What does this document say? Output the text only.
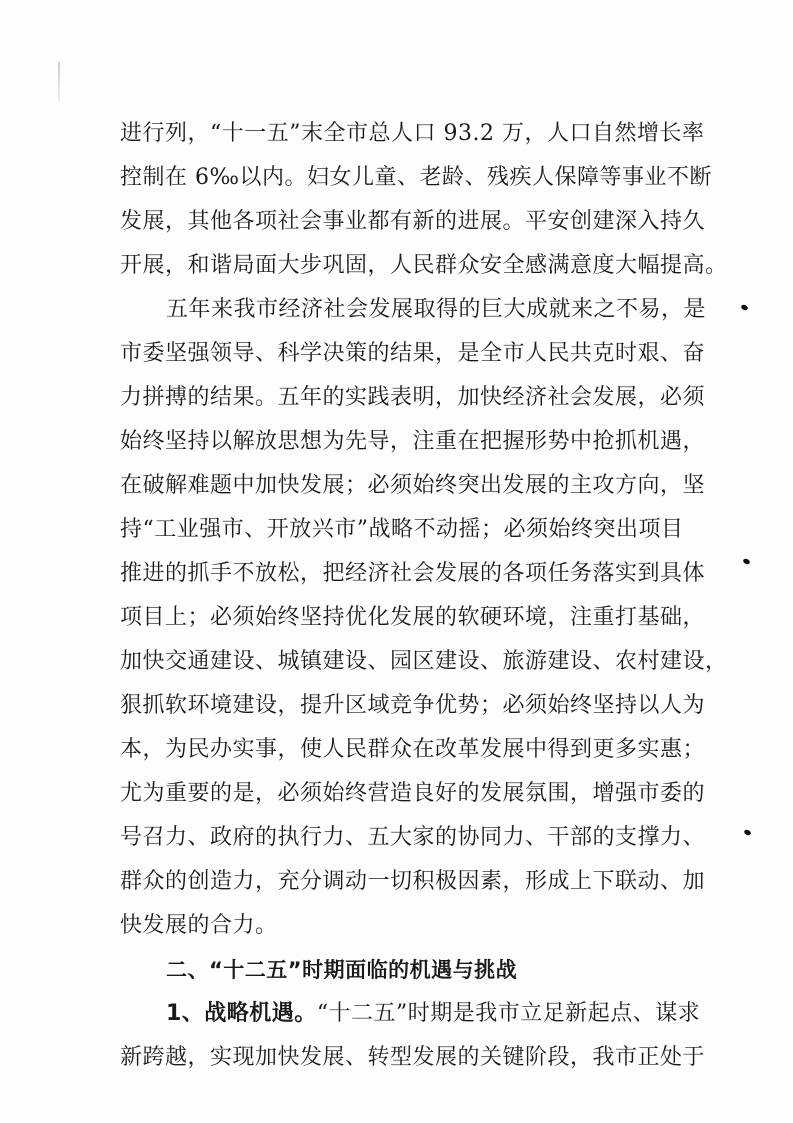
进行列，“十一五”末全市总人口 93.2 万，人口自然增长率
控制在 6‰以内。妇女儿童、老龄、残疾人保障等事业不断
发展，其他各项社会事业都有新的进展。平安创建深入持久
开展，和谐局面大步巩固，人民群众安全感满意度大幅提高。
五年来我市经济社会发展取得的巨大成就来之不易，是
市委坚强领导、科学决策的结果，是全市人民共克时艰、奋
力拼搏的结果。五年的实践表明，加快经济社会发展，必须
始终坚持以解放思想为先导，注重在把握形势中抢抓机遇，
在破解难题中加快发展；必须始终突出发展的主攻方向，坚
持“工业强市、开放兴市”战略不动摇；必须始终突出项目
推进的抓手不放松，把经济社会发展的各项任务落实到具体
项目上；必须始终坚持优化发展的软硬环境，注重打基础，
加快交通建设、城镇建设、园区建设、旅游建设、农村建设，
狠抓软环境建设，提升区域竞争优势；必须始终坚持以人为
本，为民办实事，使人民群众在改革发展中得到更多实惠；
尤为重要的是，必须始终营造良好的发展氛围，增强市委的
号召力、政府的执行力、五大家的协同力、干部的支撑力、
群众的创造力，充分调动一切积极因素，形成上下联动、加
快发展的合力。
二、“十二五”时期面临的机遇与挑战
1、战略机遇。“十二五”时期是我市立足新起点、谋求
新跨越，实现加快发展、转型发展的关键阶段，我市正处于
